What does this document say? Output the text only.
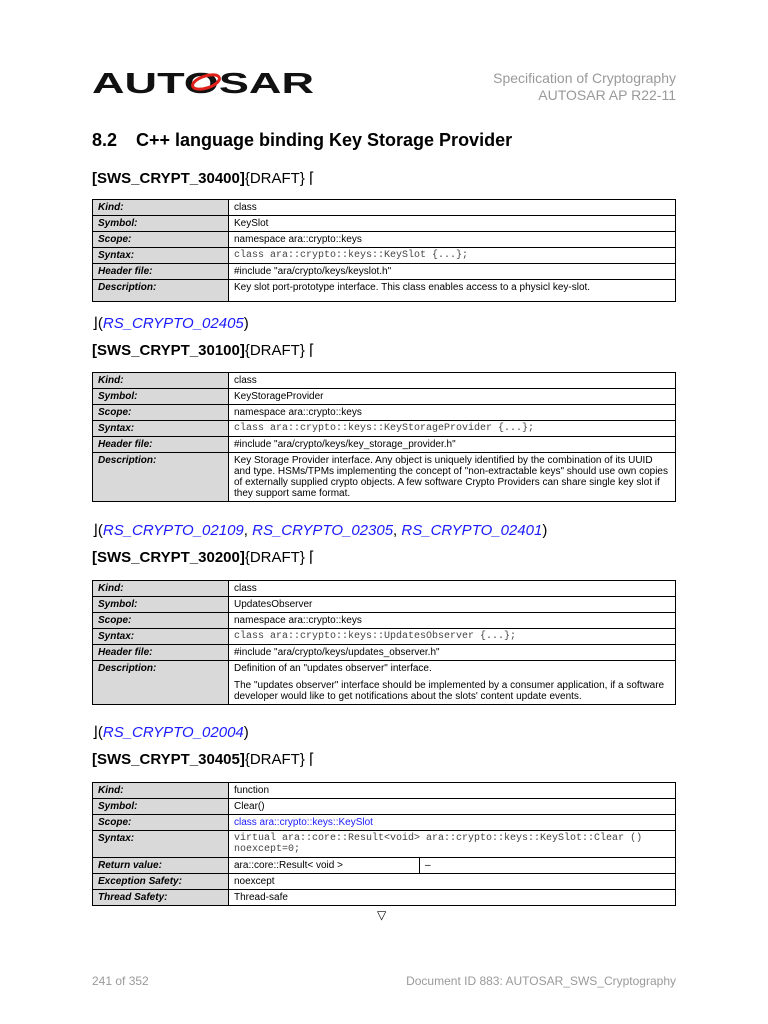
AUTOSAR	Specification of Cryptography
AUTOSAR AP R22-11
8.2 C++ language binding Key Storage Provider
[SWS_CRYPT_30400]{DRAFT} ⌈
Kind:	class
Symbol:	KeySlot
Scope:	namespace ara::crypto::keys
Syntax:	class ara::crypto::keys::KeySlot {...};
Header file:	#include "ara/crypto/keys/keyslot.h"
Description:	Key slot port-prototype interface. This class enables access to a physicl key-slot.
⌋(RS_CRYPTO_02405)
[SWS_CRYPT_30100]{DRAFT} ⌈
Kind:	class
Symbol:	KeyStorageProvider
Scope:	namespace ara::crypto::keys
Syntax:	class ara::crypto::keys::KeyStorageProvider {...};
Header file:	#include "ara/crypto/keys/key_storage_provider.h"
Description:	Key Storage Provider interface. Any object is uniquely identified by the combination of its UUID and type. HSMs/TPMs implementing the concept of "non-extractable keys" should use own copies of externally supplied crypto objects. A few software Crypto Providers can share single key slot if they support same format.
⌋(RS_CRYPTO_02109, RS_CRYPTO_02305, RS_CRYPTO_02401)
[SWS_CRYPT_30200]{DRAFT} ⌈
Kind:	class
Symbol:	UpdatesObserver
Scope:	namespace ara::crypto::keys
Syntax:	class ara::crypto::keys::UpdatesObserver {...};
Header file:	#include "ara/crypto/keys/updates_observer.h"
Description:	Definition of an "updates observer" interface.
	The "updates observer" interface should be implemented by a consumer application, if a software developer would like to get notifications about the slots' content update events.
⌋(RS_CRYPTO_02004)
[SWS_CRYPT_30405]{DRAFT} ⌈
Kind:	function	
Symbol:	Clear()	
Scope:	class ara::crypto::keys::KeySlot	
Syntax:	virtual ara::core::Result<void> ara::crypto::keys::KeySlot::Clear () noexcept=0;	
Return value:	ara::core::Result< void >	–
Exception Safety:	noexcept	
Thread Safety:	Thread-safe	
▽
241 of 352	Document ID 883: AUTOSAR_SWS_Cryptography
